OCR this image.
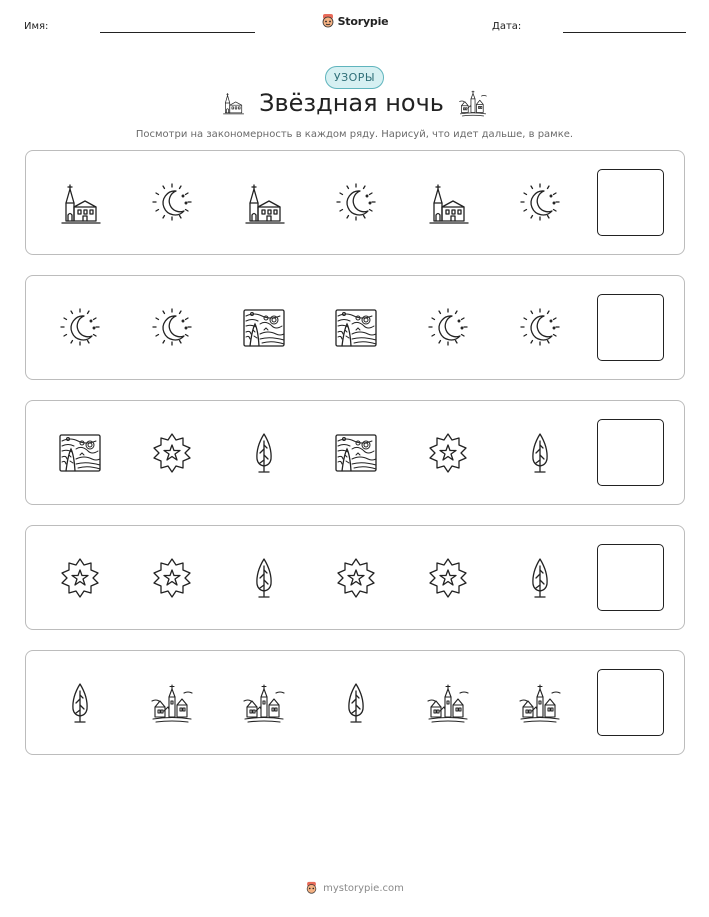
Имя:	Storypie	Дата:
УЗОРЫ
Звёздная ночь
Посмотри на закономерность в каждом ряду. Нарисуй, что идет дальше, в рамке.
mystorypie.com
